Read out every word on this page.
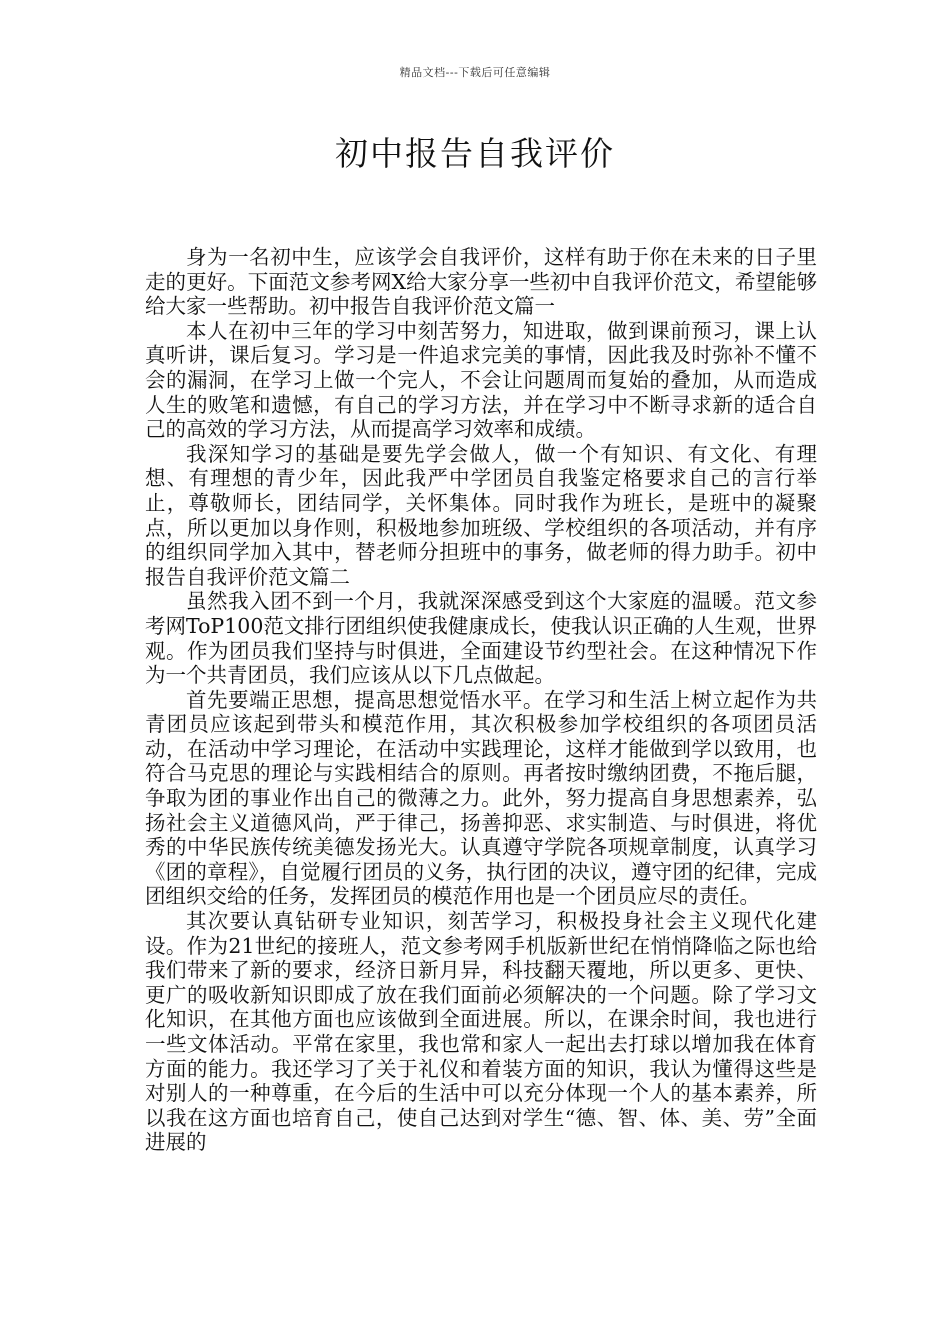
精品文档---下载后可任意编辑
初中报告自我评价

身为一名初中生，应该学会自我评价，这样有助于你在未来的日子里走的更好。下面范文参考网X给大家分享一些初中自我评价范文，希望能够给大家一些帮助。初中报告自我评价范文篇一

本人在初中三年的学习中刻苦努力，知进取，做到课前预习，课上认真听讲，课后复习。学习是一件追求完美的事情，因此我及时弥补不懂不会的漏洞，在学习上做一个完人，不会让问题周而复始的叠加，从而造成人生的败笔和遗憾，有自己的学习方法，并在学习中不断寻求新的适合自己的高效的学习方法，从而提高学习效率和成绩。

我深知学习的基础是要先学会做人，做一个有知识、有文化、有理想、有理想的青少年，因此我严中学团员自我鉴定格要求自己的言行举止，尊敬师长，团结同学，关怀集体。同时我作为班长，是班中的凝聚点，所以更加以身作则，积极地参加班级、学校组织的各项活动，并有序的组织同学加入其中，替老师分担班中的事务，做老师的得力助手。初中报告自我评价范文篇二

虽然我入团不到一个月，我就深深感受到这个大家庭的温暖。范文参考网ToP100范文排行团组织使我健康成长，使我认识正确的人生观，世界观。作为团员我们坚持与时俱进，全面建设节约型社会。在这种情况下作为一个共青团员，我们应该从以下几点做起。

首先要端正思想，提高思想觉悟水平。在学习和生活上树立起作为共青团员应该起到带头和模范作用，其次积极参加学校组织的各项团员活动，在活动中学习理论，在活动中实践理论，这样才能做到学以致用，也符合马克思的理论与实践相结合的原则。再者按时缴纳团费，不拖后腿，争取为团的事业作出自己的微薄之力。此外，努力提高自身思想素养，弘扬社会主义道德风尚，严于律己，扬善抑恶、求实制造、与时俱进，将优秀的中华民族传统美德发扬光大。认真遵守学院各项规章制度，认真学习《团的章程》，自觉履行团员的义务，执行团的决议，遵守团的纪律，完成团组织交给的任务，发挥团员的模范作用也是一个团员应尽的责任。

其次要认真钻研专业知识，刻苦学习，积极投身社会主义现代化建设。作为21世纪的接班人，范文参考网手机版新世纪在悄悄降临之际也给我们带来了新的要求，经济日新月异，科技翻天覆地，所以更多、更快、更广的吸收新知识即成了放在我们面前必须解决的一个问题。除了学习文化知识，在其他方面也应该做到全面进展。所以，在课余时间，我也进行一些文体活动。平常在家里，我也常和家人一起出去打球以增加我在体育方面的能力。我还学习了关于礼仪和着装方面的知识，我认为懂得这些是对别人的一种尊重，在今后的生活中可以充分体现一个人的基本素养，所以我在这方面也培育自己，使自己达到对学生“德、智、体、美、劳”全面进展的
